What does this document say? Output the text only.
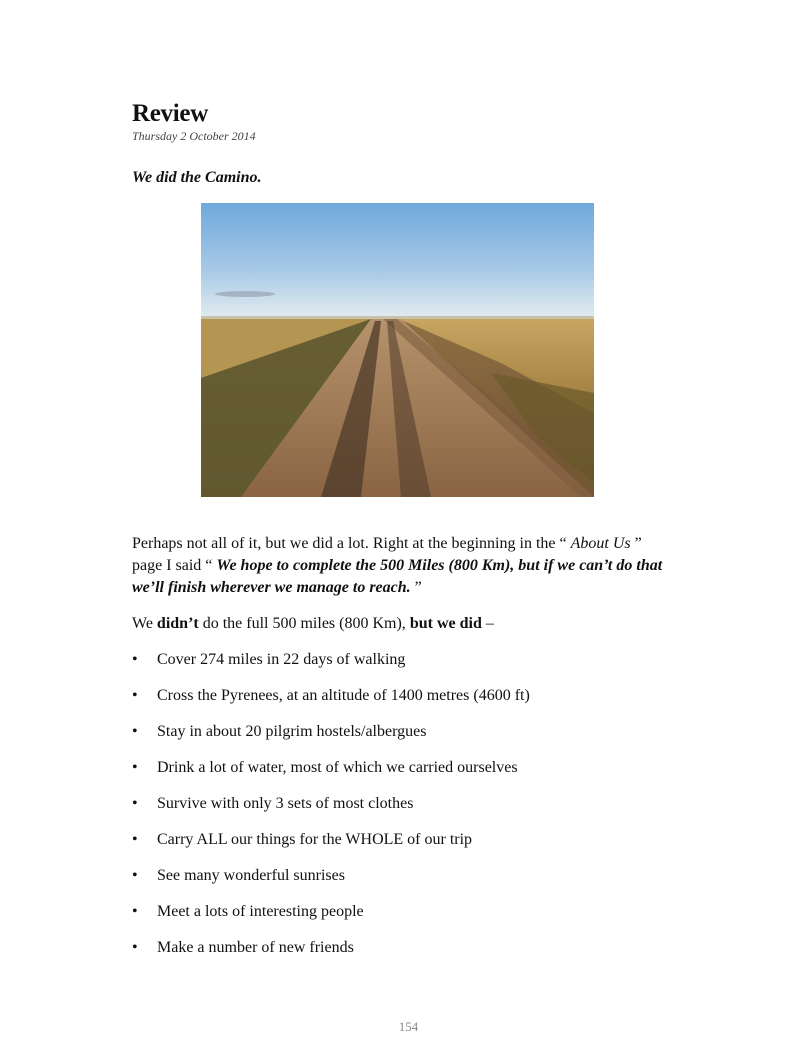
Review
Thursday 2 October 2014
We did the Camino.

Perhaps not all of it, but we did a lot. Right at the beginning in the “ About Us ” page I said “ We hope to complete the 500 Miles (800 Km), but if we can’t do that we’ll finish wherever we manage to reach. ”

We didn’t do the full 500 miles (800 Km), but we did –

•	Cover 274 miles in 22 days of walking
•	Cross the Pyrenees, at an altitude of 1400 metres (4600 ft)
•	Stay in about 20 pilgrim hostels/albergues
•	Drink a lot of water, most of which we carried ourselves
•	Survive with only 3 sets of most clothes
•	Carry ALL our things for the WHOLE of our trip
•	See many wonderful sunrises
•	Meet a lots of interesting people
•	Make a number of new friends
154
